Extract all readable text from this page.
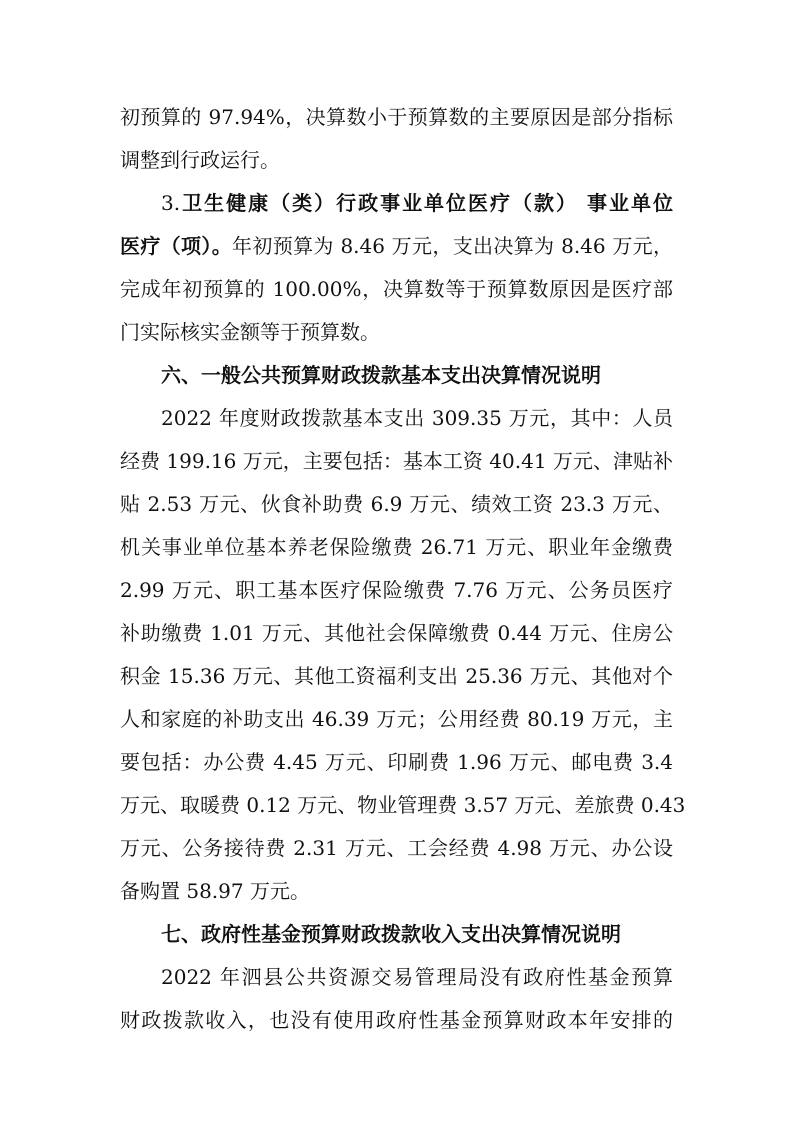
初预算的 97.94%，决算数小于预算数的主要原因是部分指标
调整到行政运行。
3.卫生健康（类）行政事业单位医疗（款） 事业单位
医疗（项）。年初预算为 8.46 万元，支出决算为 8.46 万元，
完成年初预算的 100.00%，决算数等于预算数原因是医疗部
门实际核实金额等于预算数。
六、一般公共预算财政拨款基本支出决算情况说明
2022 年度财政拨款基本支出 309.35 万元，其中：人员
经费 199.16 万元，主要包括：基本工资 40.41 万元、津贴补
贴 2.53 万元、伙食补助费 6.9 万元、绩效工资 23.3 万元、
机关事业单位基本养老保险缴费 26.71 万元、职业年金缴费
2.99 万元、职工基本医疗保险缴费 7.76 万元、公务员医疗
补助缴费 1.01 万元、其他社会保障缴费 0.44 万元、住房公
积金 15.36 万元、其他工资福利支出 25.36 万元、其他对个
人和家庭的补助支出 46.39 万元；公用经费 80.19 万元，主
要包括：办公费 4.45 万元、印刷费 1.96 万元、邮电费 3.4
万元、取暖费 0.12 万元、物业管理费 3.57 万元、差旅费 0.43
万元、公务接待费 2.31 万元、工会经费 4.98 万元、办公设
备购置 58.97 万元。
七、政府性基金预算财政拨款收入支出决算情况说明
2022 年泗县公共资源交易管理局没有政府性基金预算
财政拨款收入，也没有使用政府性基金预算财政本年安排的
